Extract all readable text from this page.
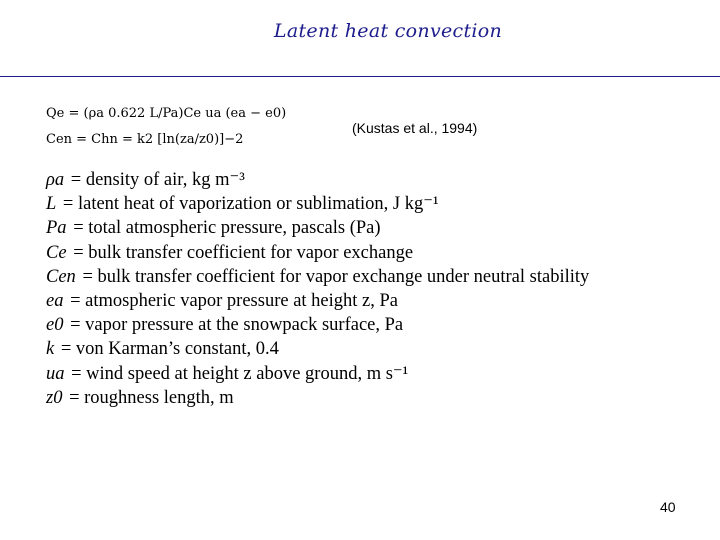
Latent heat convection
Qe = (ρa 0.622 L/Pa)Ce ua (ea − e0)
Cen = Chn = k2 [ln(za/z0)]−2
(Kustas et al., 1994)
ρa = density of air, kg m⁻³
L = latent heat of vaporization or sublimation, J kg⁻¹
Pa = total atmospheric pressure, pascals (Pa)
Ce = bulk transfer coefficient for vapor exchange
Cen = bulk transfer coefficient for vapor exchange under neutral stability
ea = atmospheric vapor pressure at height z, Pa
e0 = vapor pressure at the snowpack surface, Pa
k = von Karman’s constant, 0.4
ua = wind speed at height z above ground, m s⁻¹
z0 = roughness length, m
40
